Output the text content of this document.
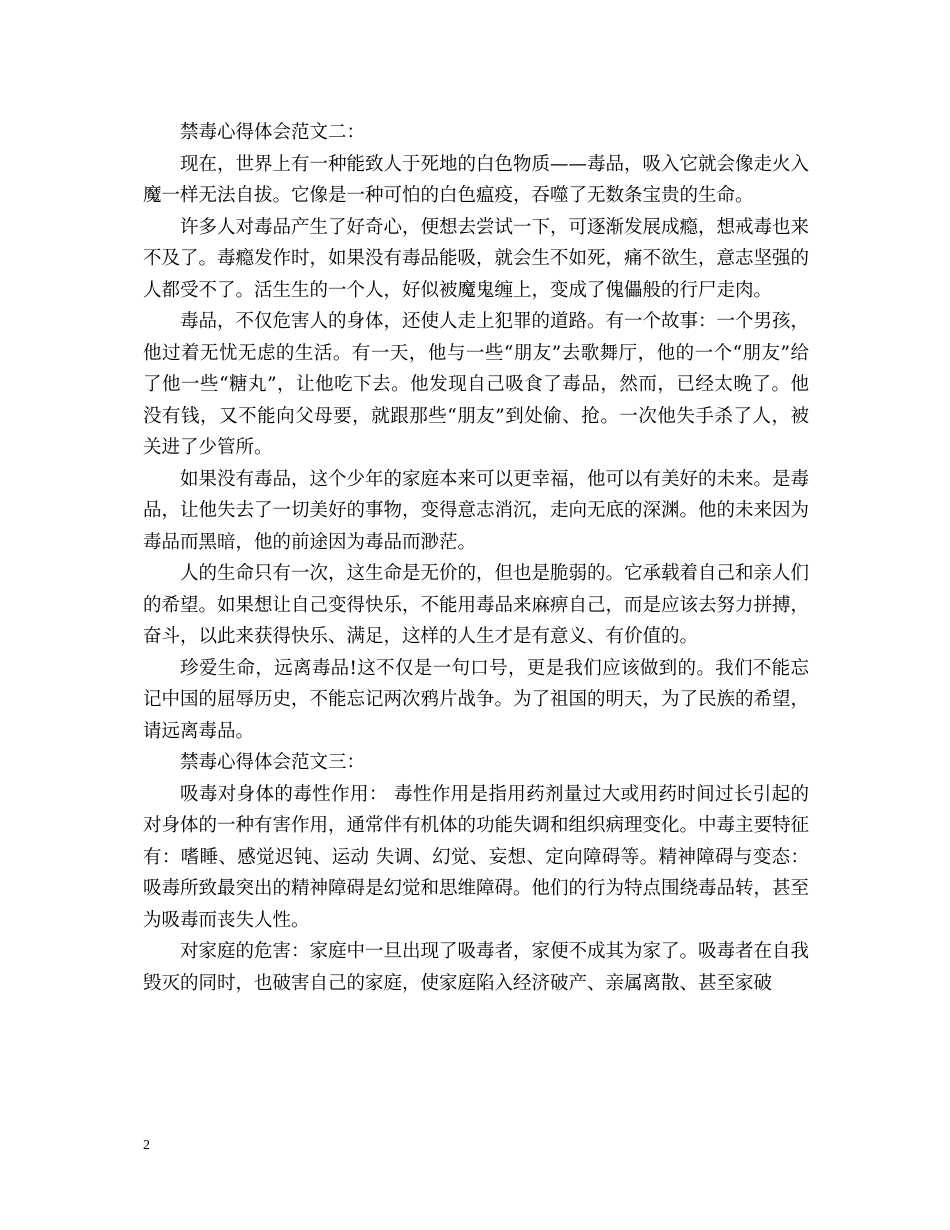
禁毒心得体会范文二：

现在，世界上有一种能致人于死地的白色物质——毒品，吸入它就会像走火入魔一样无法自拔。它像是一种可怕的白色瘟疫，吞噬了无数条宝贵的生命。

许多人对毒品产生了好奇心，便想去尝试一下，可逐渐发展成瘾，想戒毒也来不及了。毒瘾发作时，如果没有毒品能吸，就会生不如死，痛不欲生，意志坚强的人都受不了。活生生的一个人，好似被魔鬼缠上，变成了傀儡般的行尸走肉。

毒品，不仅危害人的身体，还使人走上犯罪的道路。有一个故事：一个男孩，他过着无忧无虑的生活。有一天，他与一些“朋友”去歌舞厅，他的一个“朋友”给了他一些“糖丸”，让他吃下去。他发现自己吸食了毒品，然而，已经太晚了。他没有钱，又不能向父母要，就跟那些“朋友”到处偷、抢。一次他失手杀了人，被关进了少管所。

如果没有毒品，这个少年的家庭本来可以更幸福，他可以有美好的未来。是毒品，让他失去了一切美好的事物，变得意志消沉，走向无底的深渊。他的未来因为毒品而黑暗，他的前途因为毒品而渺茫。

人的生命只有一次，这生命是无价的，但也是脆弱的。它承载着自己和亲人们的希望。如果想让自己变得快乐，不能用毒品来麻痹自己，而是应该去努力拼搏，奋斗，以此来获得快乐、满足，这样的人生才是有意义、有价值的。

珍爱生命，远离毒品!这不仅是一句口号，更是我们应该做到的。我们不能忘记中国的屈辱历史，不能忘记两次鸦片战争。为了祖国的明天，为了民族的希望，请远离毒品。

禁毒心得体会范文三：

吸毒对身体的毒性作用： 毒性作用是指用药剂量过大或用药时间过长引起的对身体的一种有害作用，通常伴有机体的功能失调和组织病理变化。中毒主要特征有：嗜睡、感觉迟钝、运动 失调、幻觉、妄想、定向障碍等。精神障碍与变态：吸毒所致最突出的精神障碍是幻觉和思维障碍。他们的行为特点围绕毒品转，甚至为吸毒而丧失人性。

对家庭的危害：家庭中一旦出现了吸毒者，家便不成其为家了。吸毒者在自我毁灭的同时，也破害自己的家庭，使家庭陷入经济破产、亲属离散、甚至家破

2
